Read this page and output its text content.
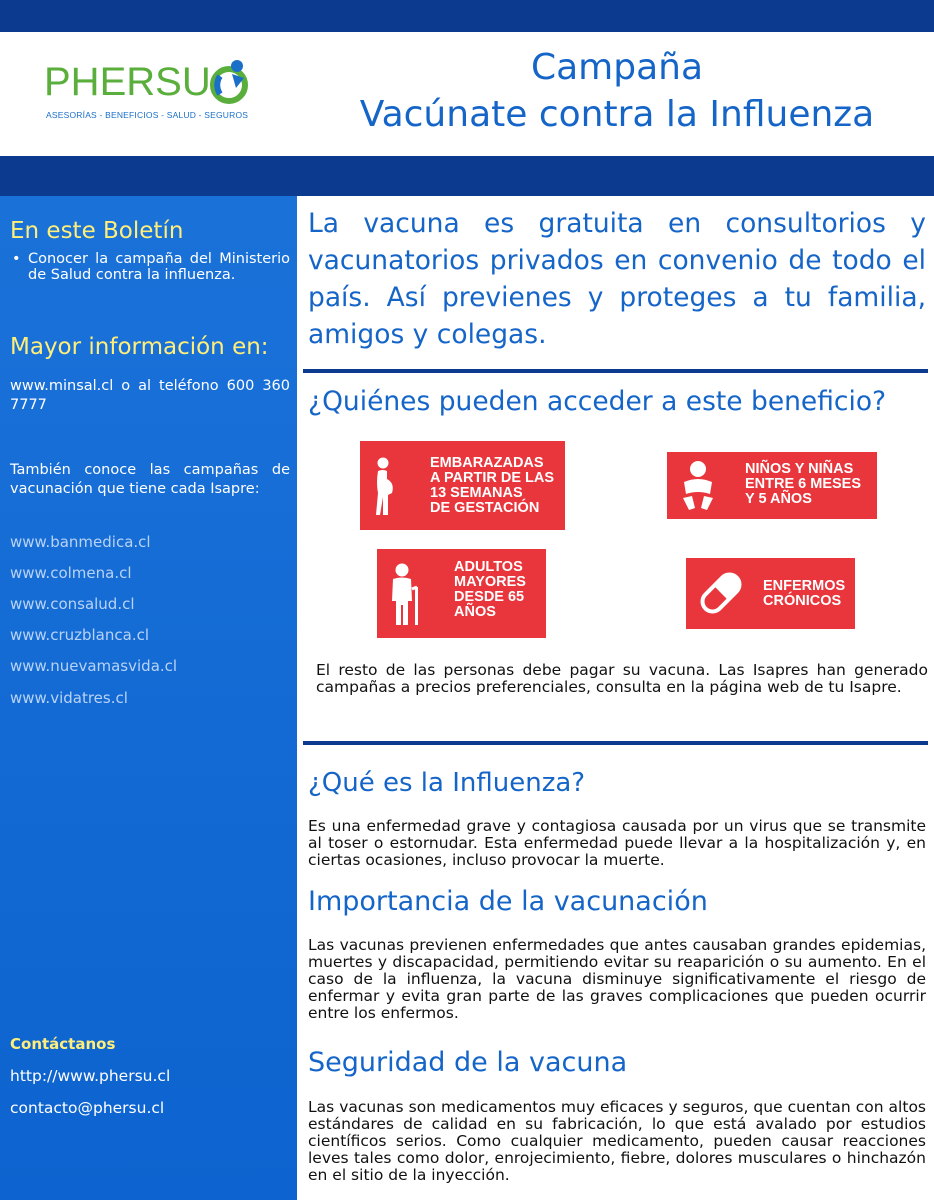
PHERSU
ASESORÍAS - BENEFICIOS - SALUD - SEGUROS
Campaña
Vacúnate contra la Influenza
En este Boletín
• Conocer la campaña del Ministerio de Salud contra la influenza.
Mayor información en:
www.minsal.cl o al teléfono 600 360 7777
También conoce las campañas de vacunación que tiene cada Isapre:
www.banmedica.cl
www.colmena.cl
www.consalud.cl
www.cruzblanca.cl
www.nuevamasvida.cl
www.vidatres.cl
Contáctanos
http://www.phersu.cl
contacto@phersu.cl
La vacuna es gratuita en consultorios y vacunatorios privados en convenio de todo el país. Así previenes y proteges a tu familia, amigos y colegas.
¿Quiénes pueden acceder a este beneficio?
EMBARAZADAS
A PARTIR DE LAS
13 SEMANAS
DE GESTACIÓN
NIÑOS Y NIÑAS
ENTRE 6 MESES
Y 5 AÑOS
ADULTOS
MAYORES
DESDE 65
AÑOS
ENFERMOS
CRÓNICOS
El resto de las personas debe pagar su vacuna. Las Isapres han generado campañas a precios preferenciales, consulta en la página web de tu Isapre.
¿Qué es la Influenza?
Es una enfermedad grave y contagiosa causada por un virus que se transmite al toser o estornudar. Esta enfermedad puede llevar a la hospitalización y, en ciertas ocasiones, incluso provocar la muerte.
Importancia de la vacunación
Las vacunas previenen enfermedades que antes causaban grandes epidemias, muertes y discapacidad, permitiendo evitar su reaparición o su aumento. En el caso de la influenza, la vacuna disminuye significativamente el riesgo de enfermar y evita gran parte de las graves complicaciones que pueden ocurrir entre los enfermos.
Seguridad de la vacuna
Las vacunas son medicamentos muy eficaces y seguros, que cuentan con altos estándares de calidad en su fabricación, lo que está avalado por estudios científicos serios. Como cualquier medicamento, pueden causar reacciones leves tales como dolor, enrojecimiento, fiebre, dolores musculares o hinchazón en el sitio de la inyección.
